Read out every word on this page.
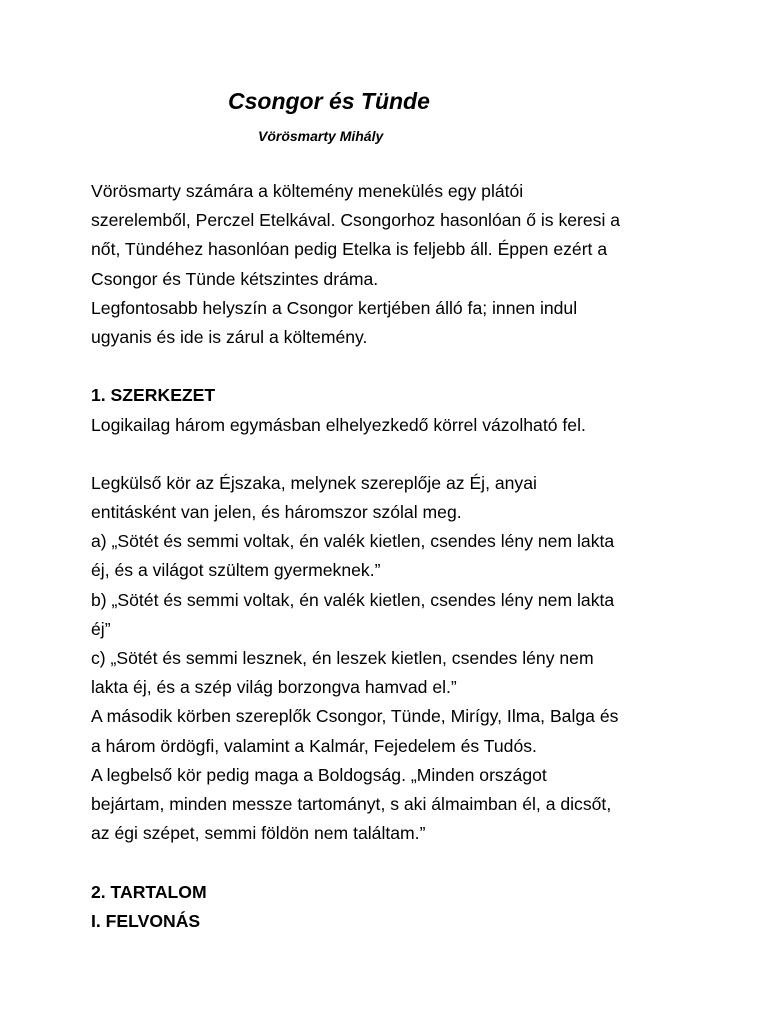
Csongor és Tünde
Vörösmarty Mihály
Vörösmarty számára a költemény menekülés egy plátói
szerelemből, Perczel Etelkával. Csongorhoz hasonlóan ő is keresi a
nőt, Tündéhez hasonlóan pedig Etelka is feljebb áll. Éppen ezért a
Csongor és Tünde kétszintes dráma.
Legfontosabb helyszín a Csongor kertjében álló fa; innen indul
ugyanis és ide is zárul a költemény.
1. SZERKEZET
Logikailag három egymásban elhelyezkedő körrel vázolható fel.
Legkülső kör az Éjszaka, melynek szereplője az Éj, anyai
entitásként van jelen, és háromszor szólal meg.
a) „Sötét és semmi voltak, én valék kietlen, csendes lény nem lakta
éj, és a világot szültem gyermeknek.”
b) „Sötét és semmi voltak, én valék kietlen, csendes lény nem lakta
éj”
c) „Sötét és semmi lesznek, én leszek kietlen, csendes lény nem
lakta éj, és a szép világ borzongva hamvad el.”
A második körben szereplők Csongor, Tünde, Mirígy, Ilma, Balga és
a három ördögfi, valamint a Kalmár, Fejedelem és Tudós.
A legbelső kör pedig maga a Boldogság. „Minden országot
bejártam, minden messze tartományt, s aki álmaimban él, a dicsőt,
az égi szépet, semmi földön nem találtam.”
2. TARTALOM
I. FELVONÁS
